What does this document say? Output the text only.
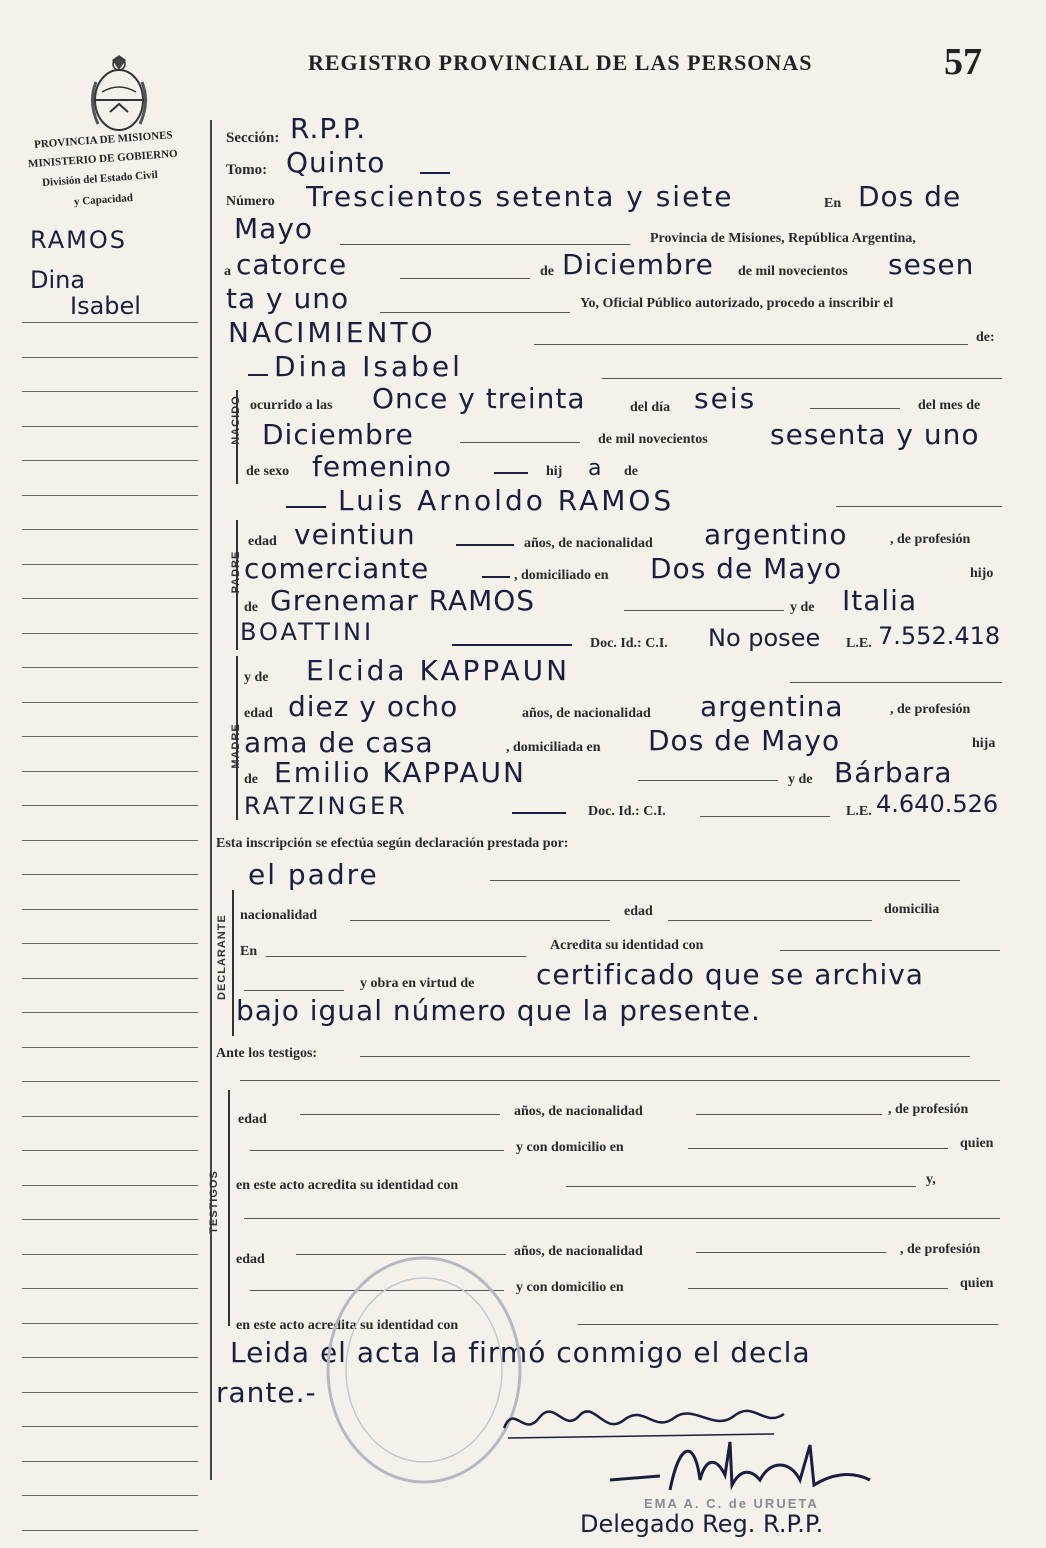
REGISTRO PROVINCIAL DE LAS PERSONAS	57
PROVINCIA DE MISIONES
MINISTERIO DE GOBIERNO
División del Estado Civil
y Capacidad
RAMOS
Dina
Isabel
Sección: R.P.P.
Tomo: Quinto
Número Trescientos setenta y siete	En Dos de
Mayo	Provincia de Misiones, República Argentina,
a catorce	de Diciembre de mil novecientos sesen
ta y uno	Yo, Oficial Público autorizado, procedo a inscribir el
NACIMIENTO	de:
Dina Isabel
NACIDO ocurrido a las Once y treinta	del día seis	del mes de
Diciembre	de mil novecientos sesenta y uno
de sexo femenino	hij a de
Luis Arnoldo RAMOS
PADRE
edad veintiun	años, de nacionalidad argentino	, de profesión
comerciante	, domiciliado en Dos de Mayo	hijo
de Grenemar RAMOS	y de Italia
BOATTINI	Doc. Id.: C.I. No posee L.E. 7.552.418
MADRE
y de Elcida KAPPAUN
edad diez y ocho	años, de nacionalidad argentina	, de profesión
ama de casa	, domiciliada en Dos de Mayo	hija
de Emilio KAPPAUN	y de Bárbara
RATZINGER	Doc. Id.: C.I.	L.E. 4.640.526
Esta inscripción se efectúa según declaración prestada por:
el padre
DECLARANTE nacionalidad	edad	domicilia
En	Acredita su identidad con
y obra en virtud de certificado que se archiva
bajo igual número que la presente.
Ante los testigos:
TESTIGOS
edad
años, de nacionalidad	, de profesión
y con domicilio en	quien
en este acto acredita su identidad con	y,
edad
años, de nacionalidad	, de profesión
y con domicilio en	quien
en este acto acredita su identidad con
Leida el acta la firmó conmigo el decla
rante.-
EMA A. C. de URUETA
Delegado Reg. R.P.P.
